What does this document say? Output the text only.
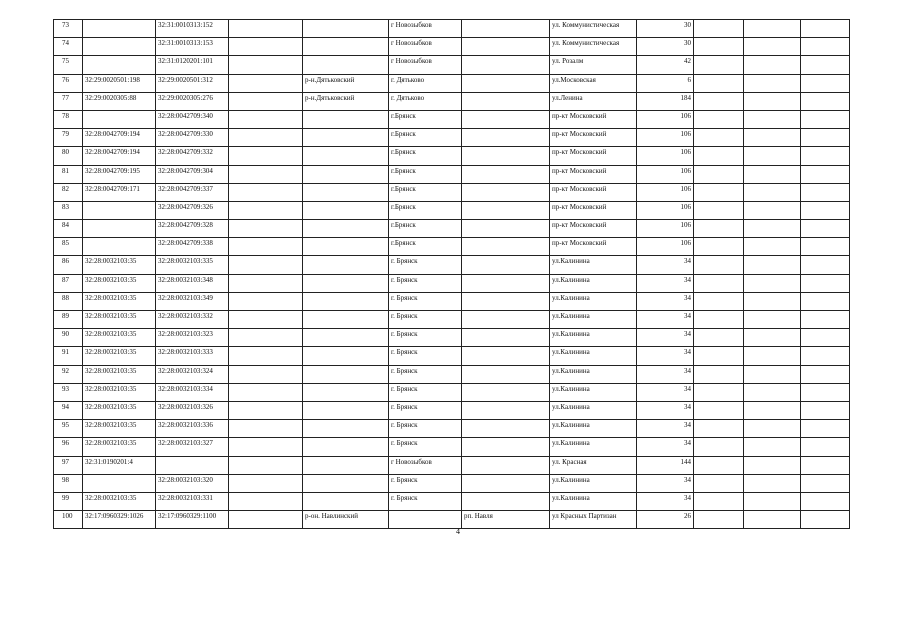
73		32:31:0010313:152			г Новозыбков		ул. Коммунистическая	30			
74		32:31:0010313:153			г Новозыбков		ул. Коммунистическая	30			
75		32:31:0120201:101			г Новозыбков		ул. Розалм	42			
76	32:29:0020501:198	32:29:0020501:312		р-н.Дятьковский	г. Дятьково		ул.Московская	6			
77	32:29:0020305:88	32:29:0020305:276		р-н.Дятьковский	г. Дятьково		ул.Ленина	184			
78		32:28:0042709:340			г.Брянск		пр-кт Московский	106			
79	32:28:0042709:194	32:28:0042709:330			г.Брянск		пр-кт Московский	106			
80	32:28:0042709:194	32:28:0042709:332			г.Брянск		пр-кт Московский	106			
81	32:28:0042709:195	32:28:0042709:304			г.Брянск		пр-кт Московский	106			
82	32:28:0042709:171	32:28:0042709:337			г.Брянск		пр-кт Московский	106			
83		32:28:0042709:326			г.Брянск		пр-кт Московский	106			
84		32:28:0042709:328			г.Брянск		пр-кт Московский	106			
85		32:28:0042709:338			г.Брянск		пр-кт Московский	106			
86	32:28:0032103:35	32:28:0032103:335			г. Брянск		ул.Калинина	34			
87	32:28:0032103:35	32:28:0032103:348			г. Брянск		ул.Калинина	34			
88	32:28:0032103:35	32:28:0032103:349			г. Брянск		ул.Калинина	34			
89	32:28:0032103:35	32:28:0032103:332			г. Брянск		ул.Калинина	34			
90	32:28:0032103:35	32:28:0032103:323			г. Брянск		ул.Калинина	34			
91	32:28:0032103:35	32:28:0032103:333			г. Брянск		ул.Калинина	34			
92	32:28:0032103:35	32:28:0032103:324			г. Брянск		ул.Калинина	34			
93	32:28:0032103:35	32:28:0032103:334			г. Брянск		ул.Калинина	34			
94	32:28:0032103:35	32:28:0032103:326			г. Брянск		ул.Калинина	34			
95	32:28:0032103:35	32:28:0032103:336			г. Брянск		ул.Калинина	34			
96	32:28:0032103:35	32:28:0032103:327			г. Брянск		ул.Калинина	34			
97	32:31:0190201:4				г Новозыбков		ул. Красная	144			
98		32:28:0032103:320			г. Брянск		ул.Калинина	34			
99	32:28:0032103:35	32:28:0032103:331			г. Брянск		ул.Калинина	34			
100	32:17:0960329:1026	32:17:0960329:1100		р-он. Навлинский		рп. Навля	ул Красных Партизан	26			
4
